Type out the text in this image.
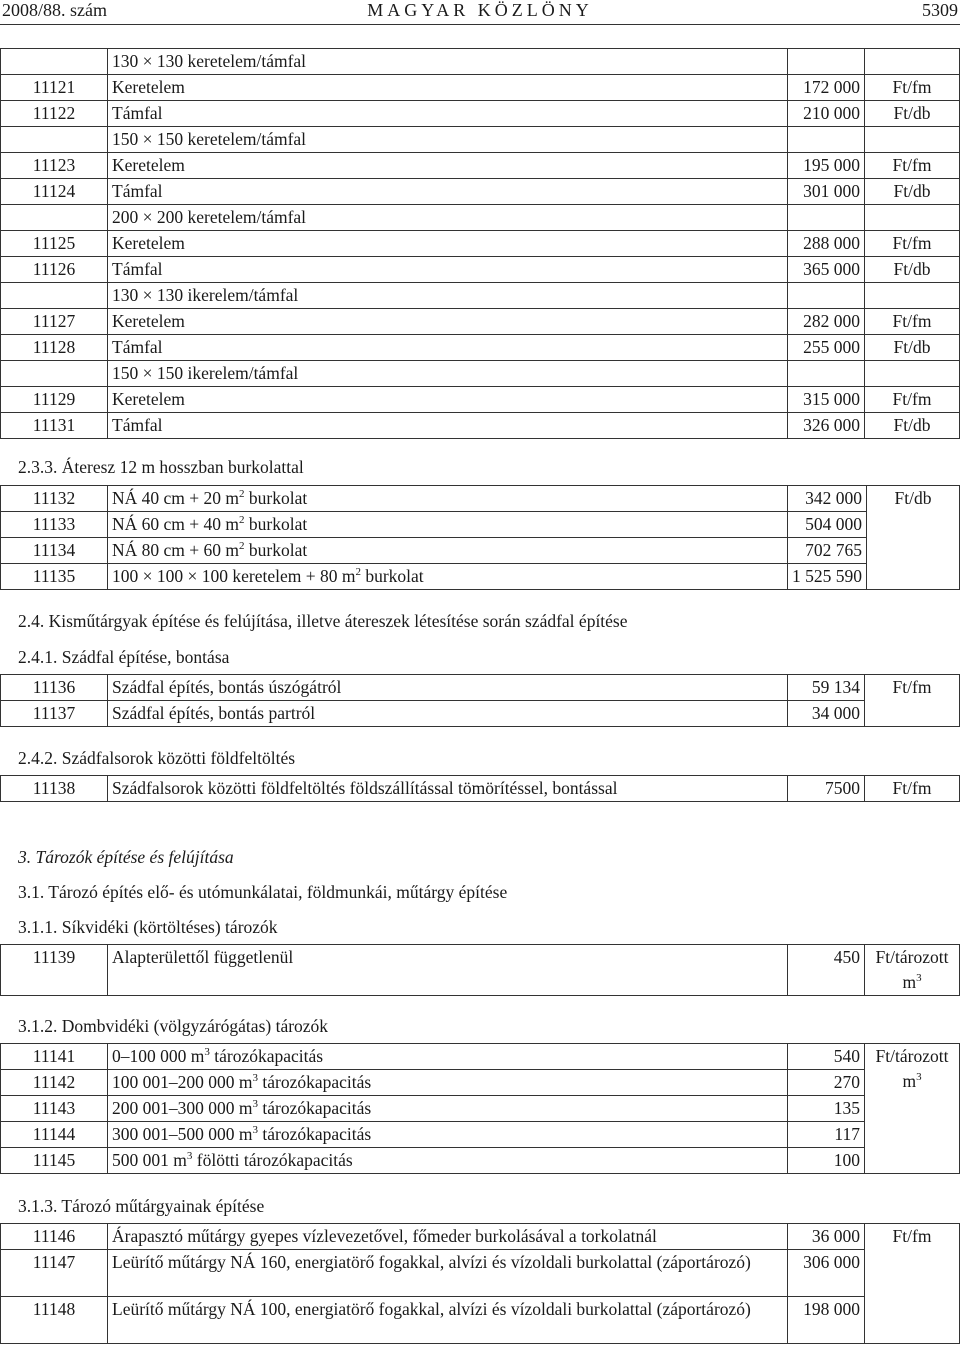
2008/88. szám	MAGYAR KÖZLÖNY	5309
	130 × 130 keretelem/támfal		
11121	Keretelem	172 000	Ft/fm
11122	Támfal	210 000	Ft/db
	150 × 150 keretelem/támfal		
11123	Keretelem	195 000	Ft/fm
11124	Támfal	301 000	Ft/db
	200 × 200 keretelem/támfal		
11125	Keretelem	288 000	Ft/fm
11126	Támfal	365 000	Ft/db
	130 × 130 ikerelem/támfal		
11127	Keretelem	282 000	Ft/fm
11128	Támfal	255 000	Ft/db
	150 × 150 ikerelem/támfal		
11129	Keretelem	315 000	Ft/fm
11131	Támfal	326 000	Ft/db
2.3.3. Áteresz 12 m hosszban burkolattal
11132	NÁ 40 cm + 20 $m^2$ burkolat	342 000	Ft/db
11133	NÁ 60 cm + 40 $m^2$ burkolat	504 000	
11134	NÁ 80 cm + 60 $m^2$ burkolat	702 765	
11135	100 × 100 × 100 keretelem + 80 $m^2$ burkolat	1 525 590	
2.4. Kisműtárgyak építése és felújítása, illetve átereszek létesítése során szádfal építése
2.4.1. Szádfal építése, bontása
11136	Szádfal építés, bontás úszógátról	59 134	Ft/fm
11137	Szádfal építés, bontás partról	34 000	
2.4.2. Szádfalsorok közötti földfeltöltés
11138	Szádfalsorok közötti földfeltöltés földszállítással tömörítéssel, bontással	7500	Ft/fm
3. Tározók építése és felújítása
3.1. Tározó építés elő- és utómunkálatai, földmunkái, műtárgy építése
3.1.1. Síkvidéki (körtöltéses) tározók
11139	Alapterülettől függetlenül	450	Ft/tározott
$m^3$
3.1.2. Dombvidéki (völgyzárógátas) tározók
11141	0–100 000 $m^3$ tározókapacitás	540	Ft/tározott
$m^3$
11142	100 001–200 000 $m^3$ tározókapacitás	270	
11143	200 001–300 000 $m^3$ tározókapacitás	135	
11144	300 001–500 000 $m^3$ tározókapacitás	117	
11145	500 001 $m^3$ fölötti tározókapacitás	100	
3.1.3. Tározó műtárgyainak építése
11146	Árapasztó műtárgy gyepes vízlevezetővel, főmeder burkolásával a torkolatnál	36 000	Ft/fm
11147	Leürítő műtárgy NÁ 160, energiatörő fogakkal, alvízi és vízoldali burkolattal (záportározó)	306 000	
11148	Leürítő műtárgy NÁ 100, energiatörő fogakkal, alvízi és vízoldali burkolattal (záportározó)	198 000	
